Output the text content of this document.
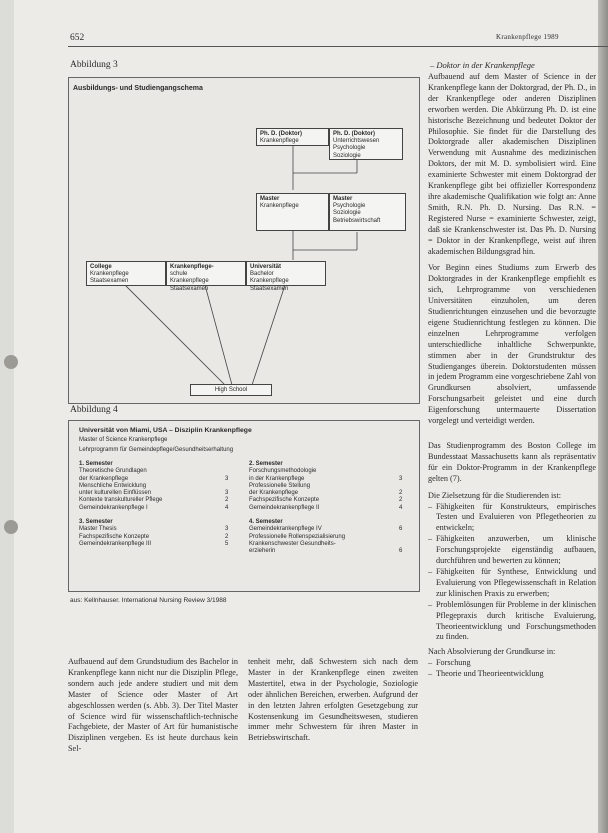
652	Krankenpflege 1989
Abbildung 3
Ausbildungs- und Studiengangschema
Ph. D. (Doktor)
Krankenpflege
Ph. D. (Doktor)
Unterrichtswesen
Psychologie
Soziologie
Master
Krankenpflege
Master
Psychologie
Soziologie
Betriebswirtschaft
College
Krankenpflege
Staatsexamen
Krankenpflege-
schule
Krankenpflege
Staatsexamen
Universität
Bachelor
Krankenpflege
Staatsexamen
High School
Abbildung 4
Universität von Miami, USA – Disziplin Krankenpflege
Master of Science Krankenpflege
Lehrprogramm für Gemeindepflege/Gesundheitserhaltung
1. Semester
Theoretische Grundlagen
der Krankenpflege
Menschliche Entwicklung
unter kulturellen Einflüssen
Kontexte transkultureller Pflege
Gemeindekrankenpflege I

3

3
2
4
2. Semester
Forschungsmethodologie
in der Krankenpflege
Professionelle Stellung
der Krankenpflege
Fachspezifische Konzepte
Gemeindekrankenpflege II

3

2
2
4
3. Semester
Master Thesis
Fachspezifische Konzepte
Gemeindekrankenpflege III
3
2
5
4. Semester
Gemeindekrankenpflege IV
Professionelle Rollenspezialisierung
Krankenschwester Gesundheits-
erzieherin
6

6
aus: Kellnhauser. International Nursing Review 3/1988

Aufbauend auf dem Grundstudium des Bachelor in Krankenpflege kann nicht nur die Disziplin Pflege, sondern auch jede andere studiert und mit dem Master of Science oder Master of Art abgeschlossen werden (s. Abb. 3). Der Titel Master of Science wird für wissenschaftlich-technische Fachgebiete, der Master of Art für humanistische Disziplinen vergeben. Es ist heute durchaus kein Sel-

tenheit mehr, daß Schwestern sich nach dem Master in der Krankenpflege einen zweiten Mastertitel, etwa in der Psychologie, Soziologie oder ähnlichen Bereichen, erwerben. Aufgrund der in den letzten Jahren erfolgten Gesetzgebung zur Kostensenkung im Gesundheitswesen, studieren immer mehr Schwestern für ihren Master in Betriebswirtschaft.

– Doktor in der Krankenpflege

Aufbauend auf dem Master of Science in der Krankenpflege kann der Doktorgrad, der Ph. D., in der Krankenpflege oder anderen Disziplinen erworben werden. Die Abkürzung Ph. D. ist eine historische Bezeichnung und bedeutet Doktor der Philosophie. Sie findet für die Darstellung des Doktorgrade aller akademischen Disziplinen Verwendung mit Ausnahme des medizinischen Doktors, der mit M. D. symbolisiert wird. Eine examinierte Schwester mit einem Doktorgrad der Krankenpflege gibt bei offizieller Korrespondenz ihre akademische Qualifikation wie folgt an: Anne Smith, R.N. Ph. D. Nursing. Das R.N. = Registered Nurse = examinierte Schwester, zeigt, daß sie Krankenschwester ist. Das Ph. D. Nursing = Doktor in der Krankenpflege, weist auf ihren akademischen Bildungsgrad hin.

Vor Beginn eines Studiums zum Erwerb des Doktorgrades in der Krankenpflege empfiehlt es sich, Lehrprogramme von verschiedenen Universitäten einzuholen, um deren Studienrichtungen einzusehen und die bevorzugte eigene Studienrichtung festlegen zu können. Die einzelnen Lehrprogramme verfolgen unterschiedliche inhaltliche Schwerpunkte, stimmen aber in der Grundstruktur des Studienganges überein. Doktorstudenten müssen in jedem Programm eine vorgeschriebene Zahl von Grundkursen absolviert, umfassende Forschungsarbeit geleistet und eine durch Eigenforschung untermauerte Dissertation vorgelegt und verteidigt werden.

Das Studienprogramm des Boston College im Bundesstaat Massachusetts kann als repräsentativ für ein Doktor-Programm in der Krankenpflege gelten (7).

Die Zielsetzung für die Studierenden ist:

– Fähigkeiten für Konstrukteurs, empirisches Testen und Evaluieren von Pflegetheorien zu entwickeln;
– Fähigkeiten anzuwerben, um klinische Forschungsprojekte eigenständig aufbauen, durchführen und bewerten zu können;
– Fähigkeiten für Synthese, Entwicklung und Evaluierung von Pflegewissenschaft in Relation zur klinischen Praxis zu erwerben;
– Problemlösungen für Probleme in der klinischen Pflegepraxis durch kritische Evaluierung, Theorieentwicklung und Forschungsmethoden zu finden.

Nach Absolvierung der Grundkurse in:

– Forschung
– Theorie und Theorieentwicklung
